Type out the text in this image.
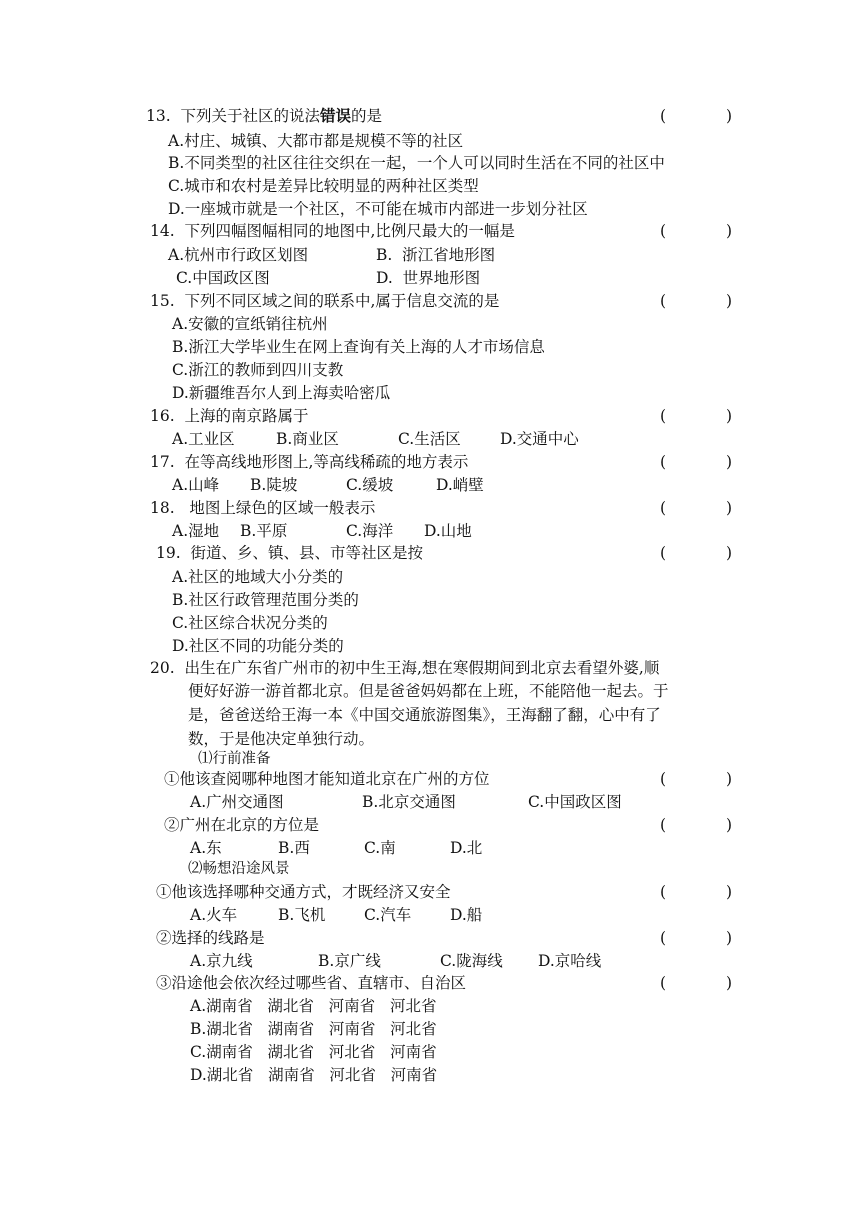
13.  下列关于社区的说法错误的是	(	)
A.村庄、城镇、大都市都是规模不等的社区
B.不同类型的社区往往交织在一起，一个人可以同时生活在不同的社区中
C.城市和农村是差异比较明显的两种社区类型
D.一座城市就是一个社区，不可能在城市内部进一步划分社区
14.  下列四幅图幅相同的地图中,比例尺最大的一幅是	(	)
A.杭州市行政区划图	B.  浙江省地形图
C.中国政区图	D.  世界地形图
15.  下列不同区域之间的联系中,属于信息交流的是	(	)
A.安徽的宣纸销往杭州
B.浙江大学毕业生在网上查询有关上海的人才市场信息
C.浙江的教师到四川支教
D.新疆维吾尔人到上海卖哈密瓜
16.  上海的南京路属于	(	)
A.工业区	B.商业区	C.生活区	D.交通中心
17.  在等高线地形图上,等高线稀疏的地方表示	(	)
A.山峰 B.陡坡	C.缓坡	D.峭壁
18.   地图上绿色的区域一般表示	(	)
A.湿地 B.平原	C.海洋 D.山地
19.  街道、乡、镇、县、市等社区是按	(	)
A.社区的地域大小分类的
B.社区行政管理范围分类的
C.社区综合状况分类的
D.社区不同的功能分类的
20.  出生在广东省广州市的初中生王海,想在寒假期间到北京去看望外婆,顺
便好好游一游首都北京。但是爸爸妈妈都在上班，不能陪他一起去。于
是，爸爸送给王海一本《中国交通旅游图集》，王海翻了翻，心中有了
数，于是他决定单独行动。
⑴行前准备
①他该查阅哪种地图才能知道北京在广州的方位	(	)
A.广州交通图	B.北京交通图	C.中国政区图
②广州在北京的方位是	(	)
A.东	B.西	C.南	D.北
⑵畅想沿途风景
①他该选择哪种交通方式，才既经济又安全	(	)
A.火车	B.飞机 C.汽车	D.船
②选择的线路是	(	)
A.京九线	B.京广线	C.陇海线 D.京哈线
③沿途他会依次经过哪些省、直辖市、自治区	(	)
A.湖南省   湖北省   河南省   河北省
B.湖北省   湖南省   河南省   河北省
C.湖南省   湖北省   河北省   河南省
D.湖北省   湖南省   河北省   河南省
